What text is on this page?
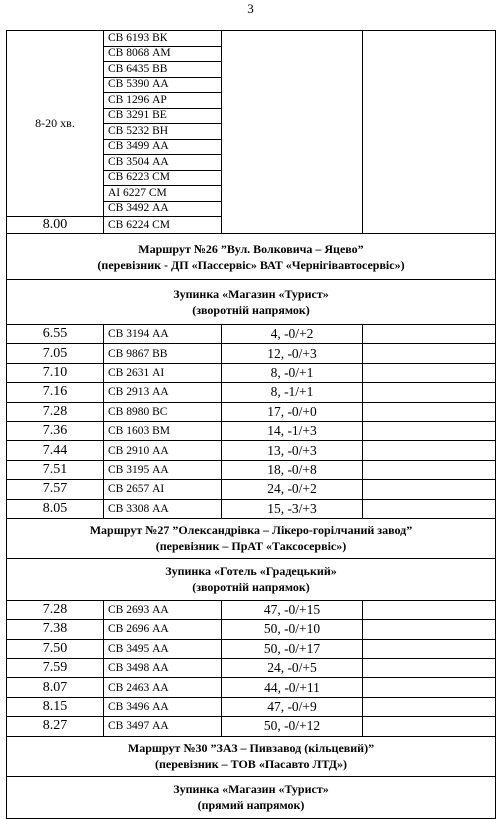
3
8-20 хв.	СВ 6193 ВК		
	СВ 8068 АМ		
	СВ 6435 ВВ		
	СВ 5390 АА		
	СВ 1296 АР		
	СВ 3291 ВЕ		
	СВ 5232 ВН		
	СВ 3499 АА		
	СВ 3504 АА		
	СВ 6223 СМ		
	АІ 6227 СМ		
	СВ 3492 АА		
8.00	СВ 6224 СМ		

Маршрут №26 ”Вул. Волковича – Яцево”
(перевізник - ДП «Пассервіс» ВАТ «Чернігівавтосервіс»)			

Зупинка «Магазин «Турист»
(зворотній напрямок)			

6.55	СВ 3194 АА	4, -0/+2	
7.05	СВ 9867 ВВ	12, -0/+3	
7.10	СВ 2631 АІ	8, -0/+1	
7.16	СВ 2913 АА	8, -1/+1	
7.28	СВ 8980 ВС	17, -0/+0	
7.36	СВ 1603 ВМ	14, -1/+3	
7.44	СВ 2910 АА	13, -0/+3	
7.51	СВ 3195 АА	18, -0/+8	
7.57	СВ 2657 АІ	24, -0/+2	
8.05	СВ 3308 АА	15, -3/+3	

Маршрут №27 ”Олександрівка – Лікеро-горілчаний завод”
(перевізник – ПрАТ «Таксосервіс»)			

Зупинка «Готель «Градецький»
(зворотній напрямок)			

7.28	СВ 2693 АА	47, -0/+15	
7.38	СВ 2696 АА	50, -0/+10	
7.50	СВ 3495 АА	50, -0/+17	
7.59	СВ 3498 АА	24, -0/+5	
8.07	СВ 2463 АА	44, -0/+11	
8.15	СВ 3496 АА	47, -0/+9	
8.27	СВ 3497 АА	50, -0/+12	

Маршрут №30 ”ЗАЗ – Пивзавод (кільцевий)”
(перевізник – ТОВ «Пасавто ЛТД»)			

Зупинка «Магазин «Турист»
(прямий напрямок)			
